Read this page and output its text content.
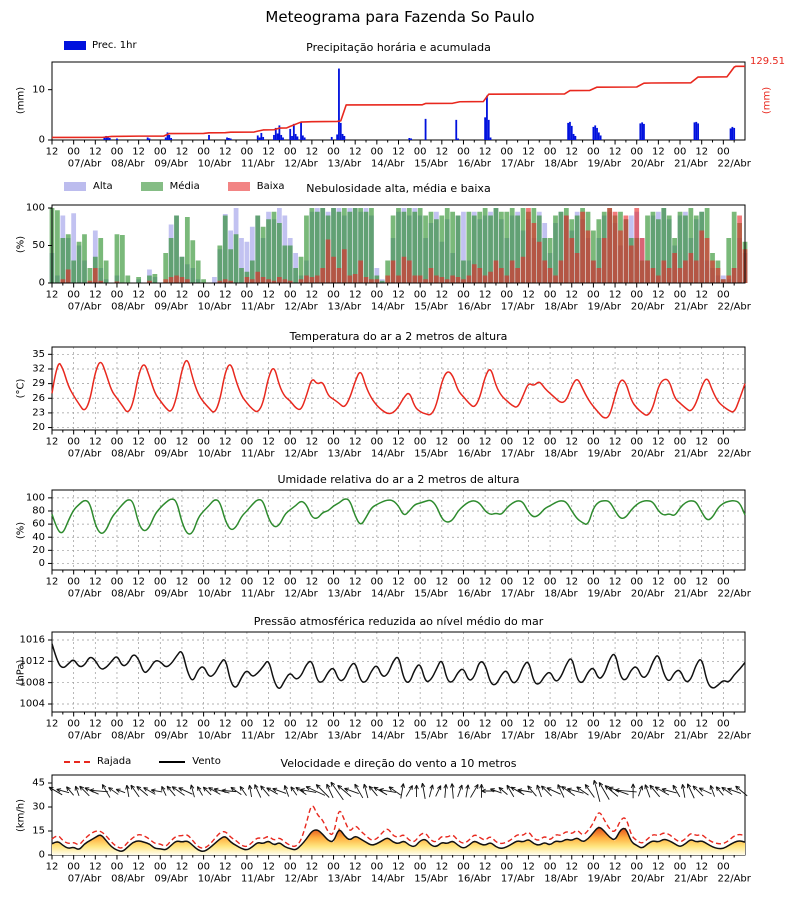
Meteograma para Fazenda So Paulo
Prec. 1hr	Precipitação horária e acumulada
(mm)
129.51
(mm)
Alta	Média	Baixa	Nebulosidade alta, média e baixa
(%)
Temperatura do ar a 2 metros de altura
(°C)
Umidade relativa do ar a 2 metros de altura
(%)
Pressão atmosférica reduzida ao nível médio do mar
(hPa)
Rajada	Vento	Velocidade e direção do vento a 10 metros
(km/h)
